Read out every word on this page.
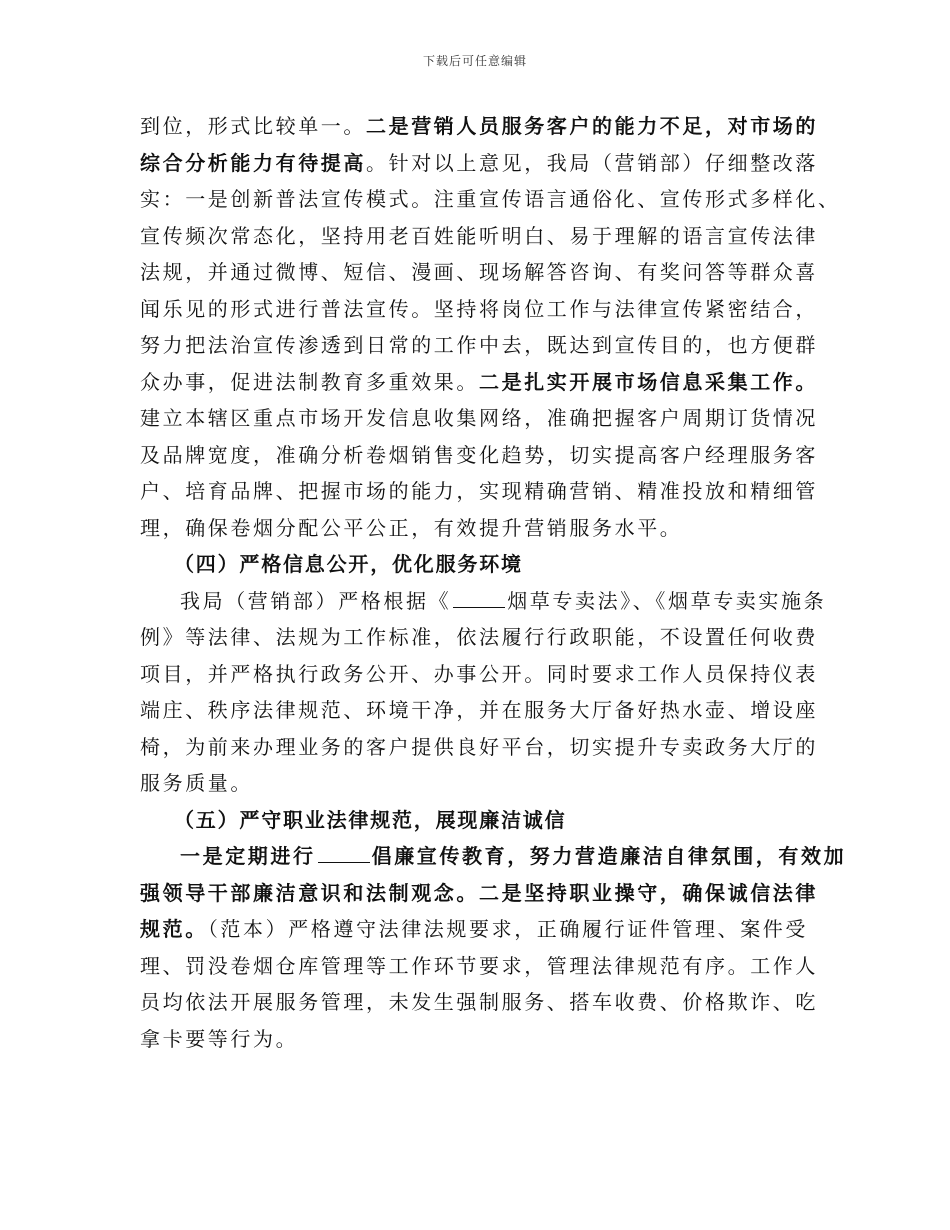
下载后可任意编辑
到位，形式比较单一。二是营销人员服务客户的能力不足，对市场的
综合分析能力有待提高。针对以上意见，我局（营销部）仔细整改落
实：一是创新普法宣传模式。注重宣传语言通俗化、宣传形式多样化、
宣传频次常态化，坚持用老百姓能听明白、易于理解的语言宣传法律
法规，并通过微博、短信、漫画、现场解答咨询、有奖问答等群众喜
闻乐见的形式进行普法宣传。坚持将岗位工作与法律宣传紧密结合，
努力把法治宣传渗透到日常的工作中去，既达到宣传目的，也方便群
众办事，促进法制教育多重效果。二是扎实开展市场信息采集工作。
建立本辖区重点市场开发信息收集网络，准确把握客户周期订货情况
及品牌宽度，准确分析卷烟销售变化趋势，切实提高客户经理服务客
户、培育品牌、把握市场的能力，实现精确营销、精准投放和精细管
理，确保卷烟分配公平公正，有效提升营销服务水平。
（四）严格信息公开，优化服务环境
我局（营销部）严格根据《	烟草专卖法》、《烟草专卖实施条
例》等法律、法规为工作标准，依法履行行政职能，不设置任何收费
项目，并严格执行政务公开、办事公开。同时要求工作人员保持仪表
端庄、秩序法律规范、环境干净，并在服务大厅备好热水壶、增设座
椅，为前来办理业务的客户提供良好平台，切实提升专卖政务大厅的
服务质量。
（五）严守职业法律规范，展现廉洁诚信
一是定期进行	倡廉宣传教育，努力营造廉洁自律氛围，有效加
强领导干部廉洁意识和法制观念。二是坚持职业操守，确保诚信法律
规范。（范本）严格遵守法律法规要求，正确履行证件管理、案件受
理、罚没卷烟仓库管理等工作环节要求，管理法律规范有序。工作人
员均依法开展服务管理，未发生强制服务、搭车收费、价格欺诈、吃
拿卡要等行为。
